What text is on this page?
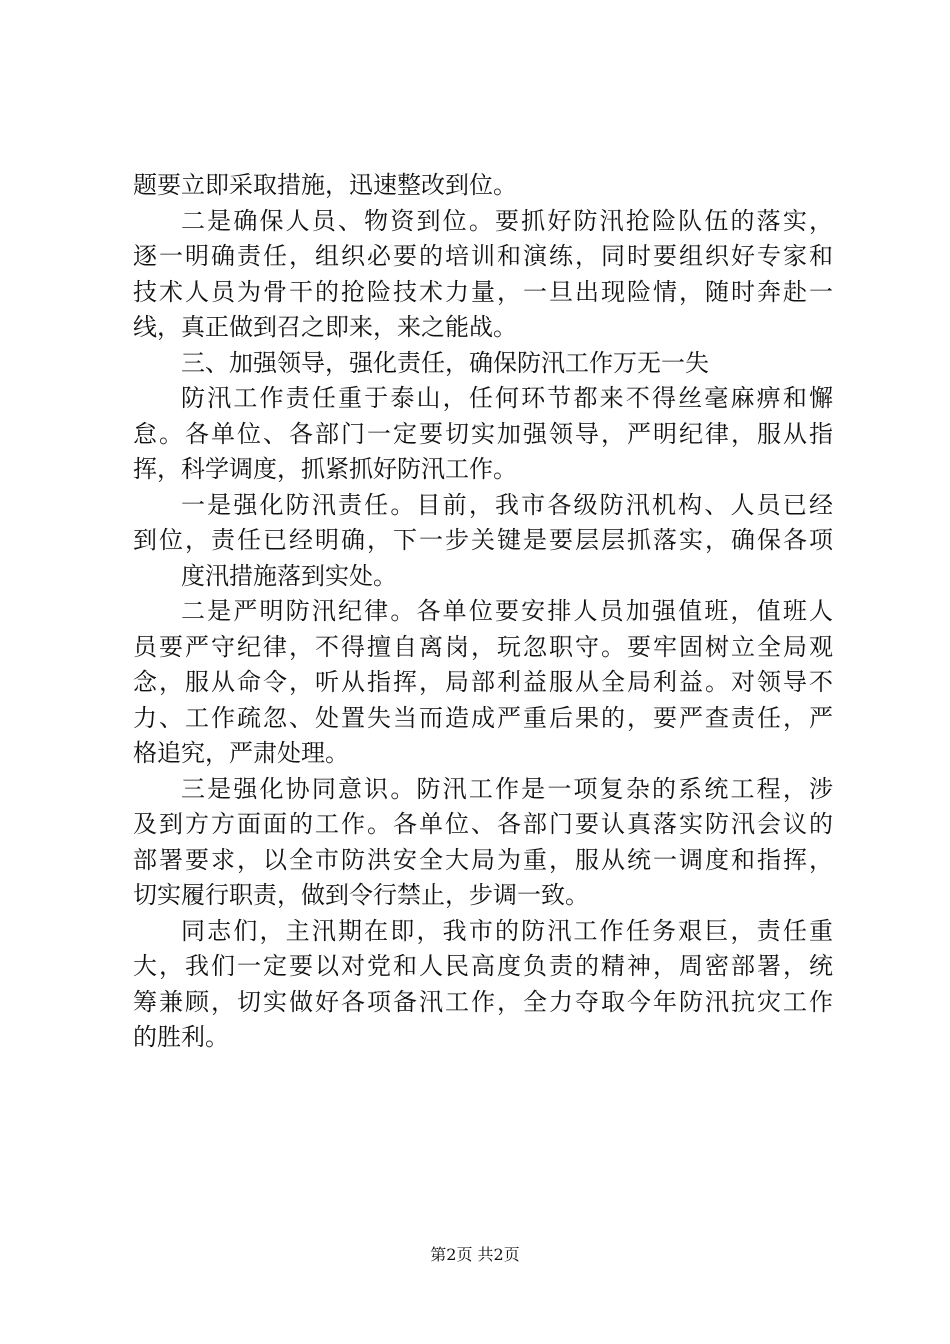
题要立即采取措施，迅速整改到位。
二是确保人员、物资到位。要抓好防汛抢险队伍的落实，
逐一明确责任，组织必要的培训和演练，同时要组织好专家和
技术人员为骨干的抢险技术力量，一旦出现险情，随时奔赴一
线，真正做到召之即来，来之能战。
三、加强领导，强化责任，确保防汛工作万无一失
防汛工作责任重于泰山，任何环节都来不得丝毫麻痹和懈
怠。各单位、各部门一定要切实加强领导，严明纪律，服从指
挥，科学调度，抓紧抓好防汛工作。
一是强化防汛责任。目前，我市各级防汛机构、人员已经
到位，责任已经明确，下一步关键是要层层抓落实，确保各项
度汛措施落到实处。
二是严明防汛纪律。各单位要安排人员加强值班，值班人
员要严守纪律，不得擅自离岗，玩忽职守。要牢固树立全局观
念，服从命令，听从指挥，局部利益服从全局利益。对领导不
力、工作疏忽、处置失当而造成严重后果的，要严查责任，严
格追究，严肃处理。
三是强化协同意识。防汛工作是一项复杂的系统工程，涉
及到方方面面的工作。各单位、各部门要认真落实防汛会议的
部署要求，以全市防洪安全大局为重，服从统一调度和指挥，
切实履行职责，做到令行禁止，步调一致。
同志们，主汛期在即，我市的防汛工作任务艰巨，责任重
大，我们一定要以对党和人民高度负责的精神，周密部署，统
筹兼顾，切实做好各项备汛工作，全力夺取今年防汛抗灾工作
的胜利。
第2页 共2页
